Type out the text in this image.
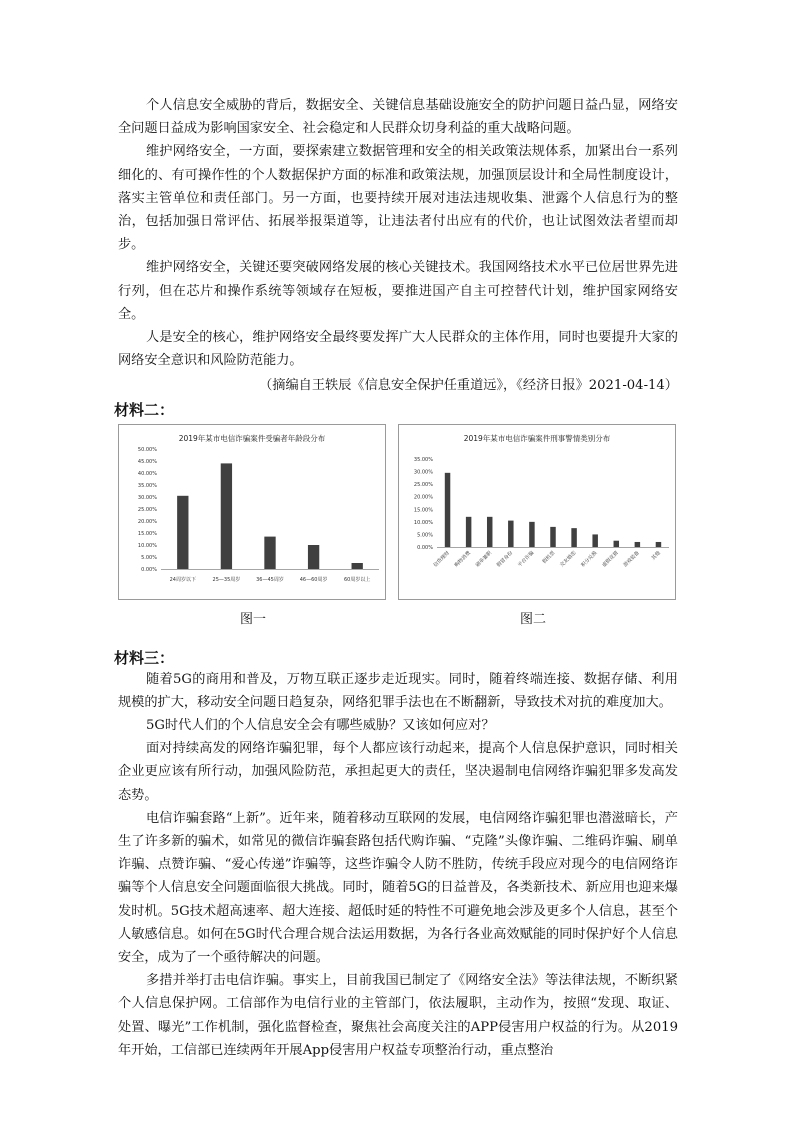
个人信息安全威胁的背后，数据安全、关键信息基础设施安全的防护问题日益凸显，网络安全问题日益成为影响国家安全、社会稳定和人民群众切身利益的重大战略问题。

维护网络安全，一方面，要探索建立数据管理和安全的相关政策法规体系，加紧出台一系列细化的、有可操作性的个人数据保护方面的标准和政策法规，加强顶层设计和全局性制度设计，落实主管单位和责任部门。另一方面，也要持续开展对违法违规收集、泄露个人信息行为的整治，包括加强日常评估、拓展举报渠道等，让违法者付出应有的代价，也让试图效法者望而却步。

维护网络安全，关键还要突破网络发展的核心关键技术。我国网络技术水平已位居世界先进行列，但在芯片和操作系统等领域存在短板，要推进国产自主可控替代计划，维护国家网络安全。

人是安全的核心，维护网络安全最终要发挥广大人民群众的主体作用，同时也要提升大家的网络安全意识和风险防范能力。

（摘编自王轶辰《信息安全保护任重道远》，《经济日报》2021-04-14）

材料二：
2019年某市电信诈骗案件受骗者年龄段分布
0.00%
5.00%
10.00%
15.00%
20.00%
25.00%
30.00%
35.00%
40.00%
45.00%
50.00%
24周岁以下	25—35周岁	36—45周岁	46—60周岁	60周岁以上
2019年某市电信诈骗案件刑事警情类别分布
0.00%
5.00%
10.00%
15.00%
20.00%
25.00%
30.00%
35.00%
信贷理财 购物消费 刷单兼职 假冒身份 平台诈骗 假机票 交友婚恋 积分兑换 虚假竞猜 游戏装备 其他
图一	图二
材料三：

随着5G的商用和普及，万物互联正逐步走近现实。同时，随着终端连接、数据存储、利用规模的扩大，移动安全问题日趋复杂，网络犯罪手法也在不断翻新，导致技术对抗的难度加大。

5G时代人们的个人信息安全会有哪些威胁？又该如何应对？

面对持续高发的网络诈骗犯罪，每个人都应该行动起来，提高个人信息保护意识，同时相关企业更应该有所行动，加强风险防范，承担起更大的责任，坚决遏制电信网络诈骗犯罪多发高发态势。

电信诈骗套路“上新”。近年来，随着移动互联网的发展，电信网络诈骗犯罪也潜滋暗长，产生了许多新的骗术，如常见的微信诈骗套路包括代购诈骗、“克隆”头像诈骗、二维码诈骗、刷单诈骗、点赞诈骗、“爱心传递”诈骗等，这些诈骗令人防不胜防，传统手段应对现今的电信网络诈骗等个人信息安全问题面临很大挑战。同时，随着5G的日益普及，各类新技术、新应用也迎来爆发时机。5G技术超高速率、超大连接、超低时延的特性不可避免地会涉及更多个人信息，甚至个人敏感信息。如何在5G时代合理合规合法运用数据，为各行各业高效赋能的同时保护好个人信息安全，成为了一个亟待解决的问题。

多措并举打击电信诈骗。事实上，目前我国已制定了《网络安全法》等法律法规，不断织紧个人信息保护网。工信部作为电信行业的主管部门，依法履职，主动作为，按照“发现、取证、处置、曝光”工作机制，强化监督检查，聚焦社会高度关注的APP侵害用户权益的行为。从2019年开始，工信部已连续两年开展App侵害用户权益专项整治行动，重点整治
